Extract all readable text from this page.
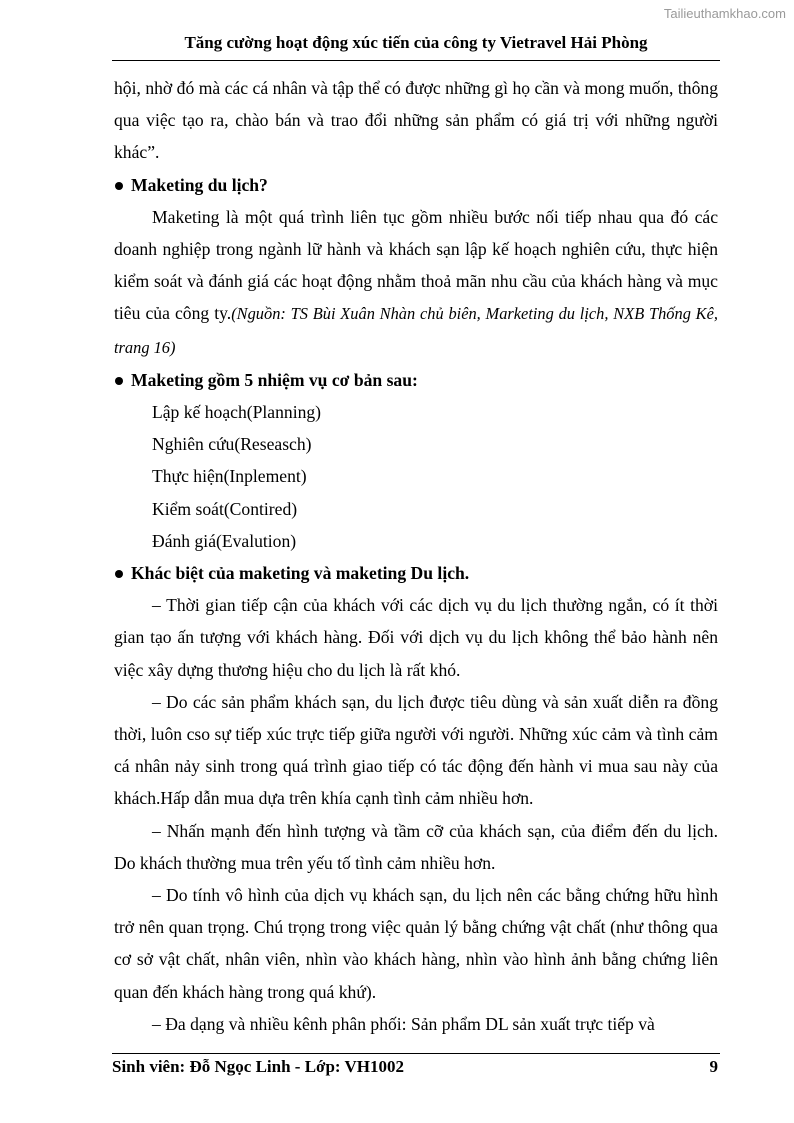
Tailieuthamkhao.com
Tăng cường hoạt động xúc tiến của công ty Vietravel Hải Phòng

hội, nhờ đó mà các cá nhân và tập thể có được những gì họ cần và mong muốn, thông qua việc tạo ra, chào bán và trao đổi những sản phẩm có giá trị với những người khác”.

Maketing du lịch?

Maketing là một quá trình liên tục gồm nhiều bước nối tiếp nhau qua đó các doanh nghiệp trong ngành lữ hành và khách sạn lập kế hoạch nghiên cứu, thực hiện kiểm soát và đánh giá các hoạt động nhằm thoả mãn nhu cầu của khách hàng và mục tiêu của công ty.(Nguồn: TS Bùi Xuân Nhàn chủ biên, Marketing du lịch, NXB Thống Kê, trang 16)

Maketing gồm 5 nhiệm vụ cơ bản sau:

Lập kế hoạch(Planning)

Nghiên cứu(Reseasch)

Thực hiện(Inplement)

Kiểm soát(Contired)

Đánh giá(Evalution)

Khác biệt của maketing và maketing Du lịch.

– Thời gian tiếp cận của khách với các dịch vụ du lịch thường ngắn, có ít thời gian tạo ấn tượng với khách hàng. Đối với dịch vụ du lịch không thể bảo hành nên việc xây dựng thương hiệu cho du lịch là rất khó.

– Do các sản phẩm khách sạn, du lịch được tiêu dùng và sản xuất diễn ra đồng thời, luôn cso sự tiếp xúc trực tiếp giữa người với người. Những xúc cảm và tình cảm cá nhân nảy sinh trong quá trình giao tiếp có tác động đến hành vi mua sau này của khách.Hấp dẫn mua dựa trên khía cạnh tình cảm nhiều hơn.

– Nhấn mạnh đến hình tượng và tầm cỡ của khách sạn, của điểm đến du lịch. Do khách thường mua trên yếu tố tình cảm nhiều hơn.

– Do tính vô hình của dịch vụ khách sạn, du lịch nên các bằng chứng hữu hình trở nên quan trọng. Chú trọng trong việc quản lý bằng chứng vật chất (như thông qua cơ sở vật chất, nhân viên, nhìn vào khách hàng, nhìn vào hình ảnh bằng chứng liên quan đến khách hàng trong quá khứ).

– Đa dạng và nhiều kênh phân phối: Sản phẩm DL sản xuất trực tiếp và

Sinh viên: Đỗ Ngọc Linh - Lớp: VH1002	9
